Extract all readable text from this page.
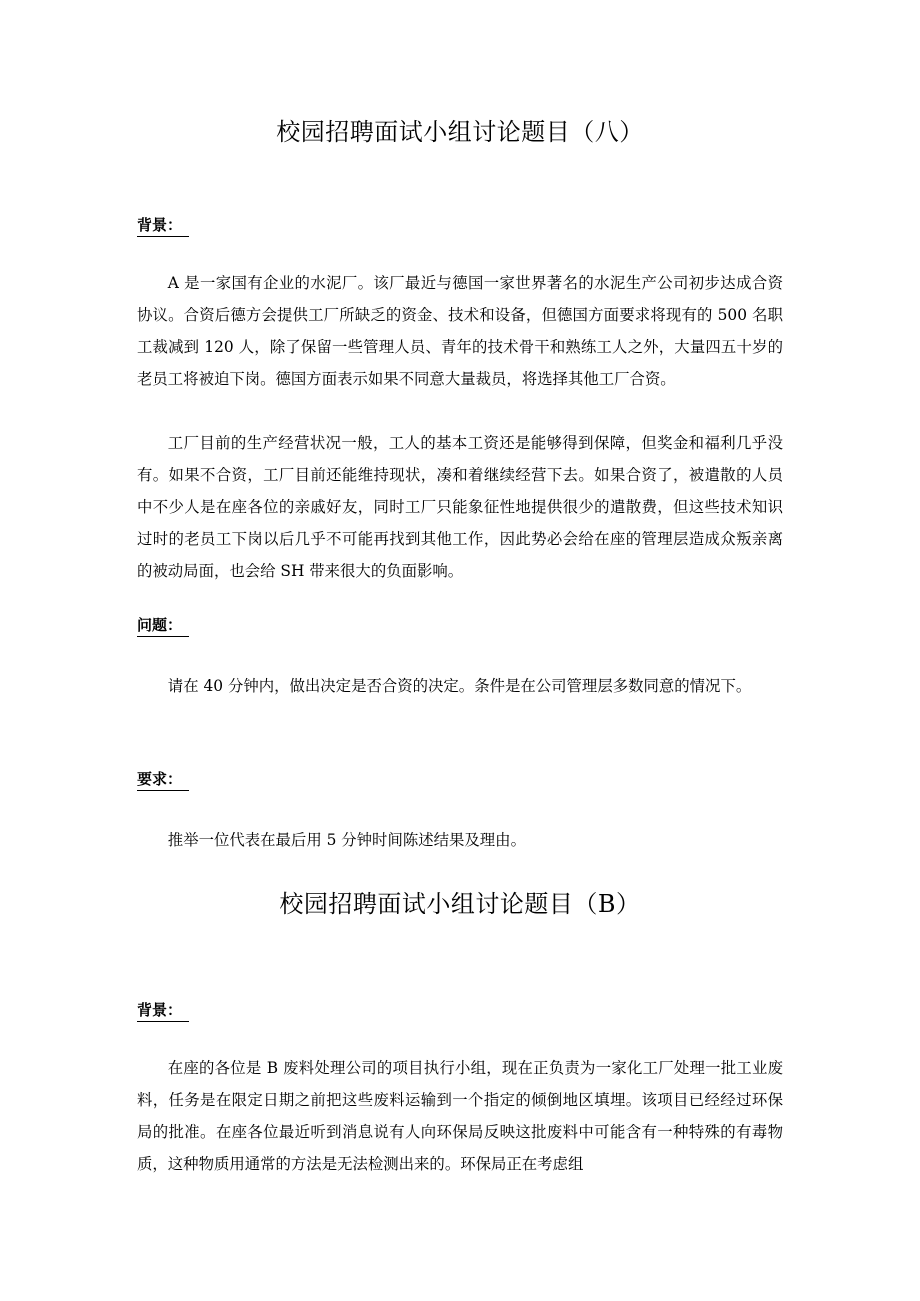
校园招聘面试小组讨论题目（八）
背景：

A 是一家国有企业的水泥厂。该厂最近与德国一家世界著名的水泥生产公司初步达成合资协议。合资后德方会提供工厂所缺乏的资金、技术和设备，但德国方面要求将现有的 500 名职工裁减到 120 人，除了保留一些管理人员、青年的技术骨干和熟练工人之外，大量四五十岁的老员工将被迫下岗。德国方面表示如果不同意大量裁员，将选择其他工厂合资。

工厂目前的生产经营状况一般，工人的基本工资还是能够得到保障，但奖金和福利几乎没有。如果不合资，工厂目前还能维持现状，凑和着继续经营下去。如果合资了，被遣散的人员中不少人是在座各位的亲戚好友，同时工厂只能象征性地提供很少的遣散费，但这些技术知识过时的老员工下岗以后几乎不可能再找到其他工作，因此势必会给在座的管理层造成众叛亲离的被动局面，也会给 SH 带来很大的负面影响。

问题：

请在 40 分钟内，做出决定是否合资的决定。条件是在公司管理层多数同意的情况下。

要求：

推举一位代表在最后用 5 分钟时间陈述结果及理由。

校园招聘面试小组讨论题目（B）
背景：

在座的各位是 B 废料处理公司的项目执行小组，现在正负责为一家化工厂处理一批工业废料，任务是在限定日期之前把这些废料运输到一个指定的倾倒地区填埋。该项目已经经过环保局的批准。在座各位最近听到消息说有人向环保局反映这批废料中可能含有一种特殊的有毒物质，这种物质用通常的方法是无法检测出来的。环保局正在考虑组
